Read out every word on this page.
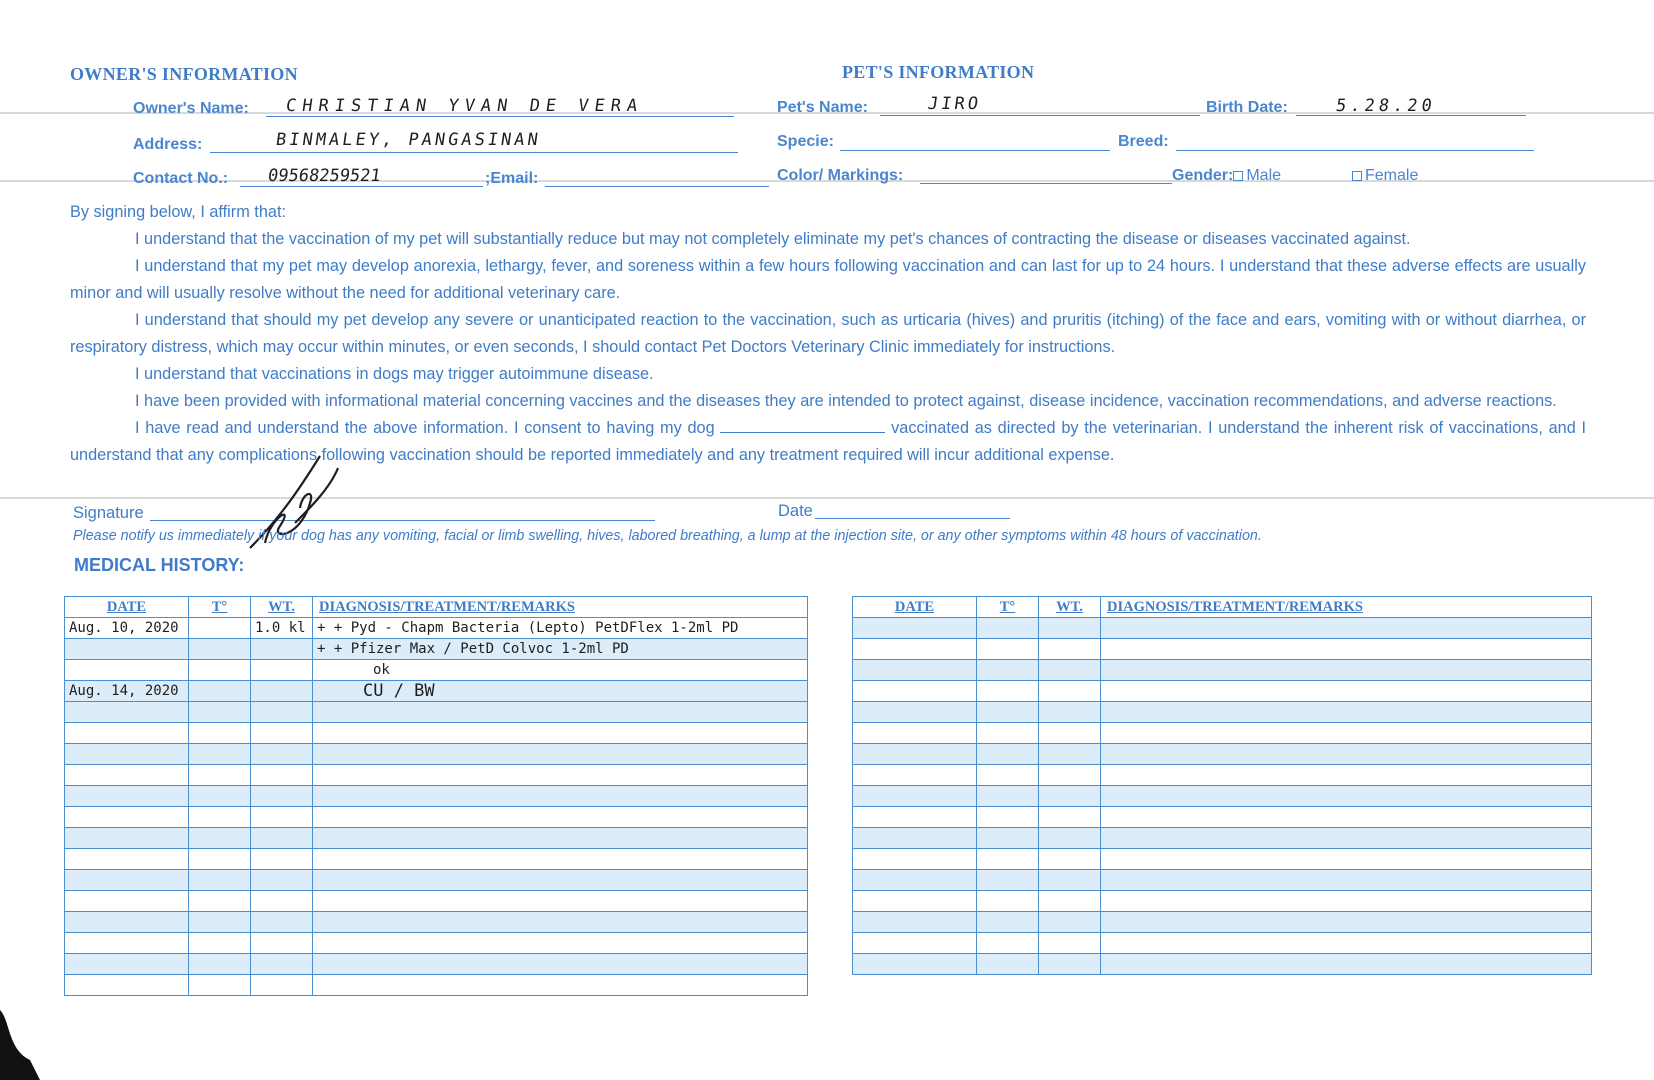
OWNER'S INFORMATION	PET'S INFORMATION
Owner's Name: CHRISTIAN YVAN DE VERA
Address:	BINMALEY, PANGASINAN
Contact No.: 09568259521	;Email:
Pet's Name:	JIRO	Birth Date:	5.28.20
Specie:	Breed:
Color/ Markings:	Gender: Male	Female

By signing below, I affirm that:

I understand that the vaccination of my pet will substantially reduce but may not completely eliminate my pet's chances of contracting the disease or diseases vaccinated against.

I understand that my pet may develop anorexia, lethargy, fever, and soreness within a few hours following vaccination and can last for up to 24 hours. I understand that these adverse effects are usually minor and will usually resolve without the need for additional veterinary care.

I understand that should my pet develop any severe or unanticipated reaction to the vaccination, such as urticaria (hives) and pruritis (itching) of the face and ears, vomiting with or without diarrhea, or respiratory distress, which may occur within minutes, or even seconds, I should contact Pet Doctors Veterinary Clinic immediately for instructions.

I understand that vaccinations in dogs may trigger autoimmune disease.

I have been provided with informational material concerning vaccines and the diseases they are intended to protect against, disease incidence, vaccination recommendations, and adverse reactions.

I have read and understand the above information. I consent to having my dog	vaccinated as directed by the veterinarian. I understand the inherent risk of vaccinations, and I understand that any complications following vaccination should be reported immediately and any treatment required will incur additional expense.

Signature	Date
Please notify us immediately if your dog has any vomiting, facial or limb swelling, hives, labored breathing, a lump at the injection site, or any other symptoms within 48 hours of vaccination.
MEDICAL HISTORY:
DATE	T°	WT.	DIAGNOSIS/TREATMENT/REMARKS
Aug. 10, 2020		1.0 kl	+ + Pyd - Chapm Bacteria (Lepto) PetDFlex 1-2ml PD
			+ + Pfizer Max / PetD Colvoc 1-2ml PD
			ok
Aug. 14, 2020			CU / BW

DATE	T°	WT.	DIAGNOSIS/TREATMENT/REMARKS
